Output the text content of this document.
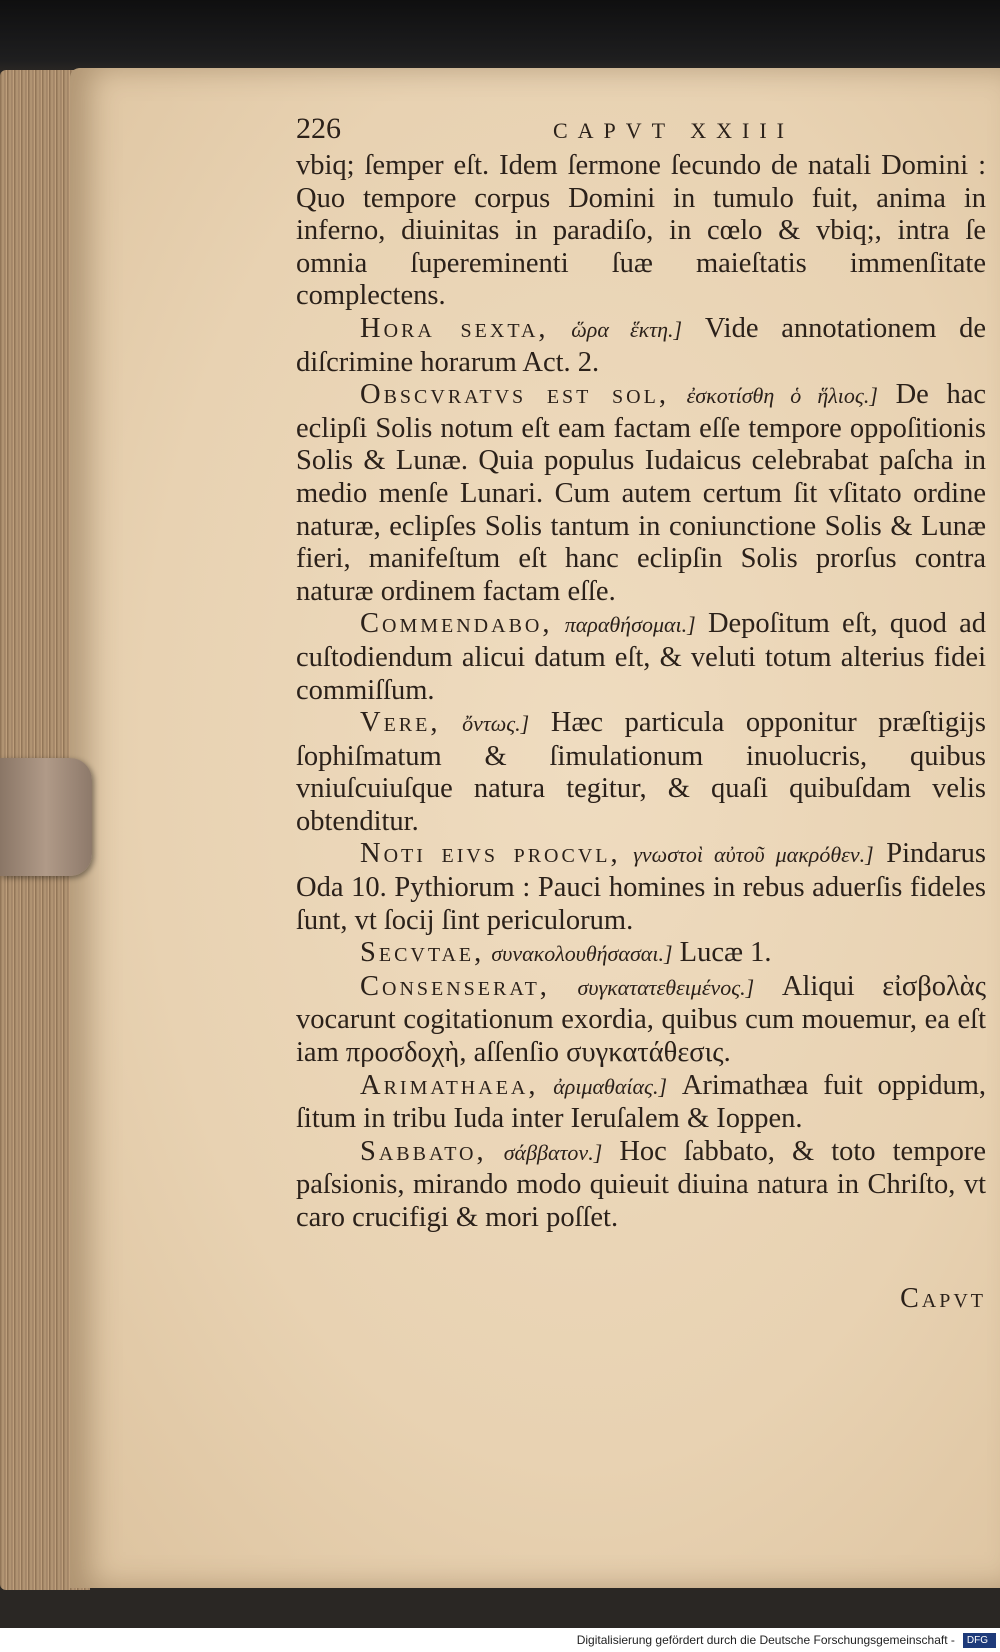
226	CAPVT XXIII

vbiq; ſemper eſt. Idem ſermone ſecundo de natali Domini : Quo tempore corpus Domini in tumulo fuit, anima in inferno, diuinitas in paradiſo, in cœlo & vbiq;, intra ſe omnia ſupereminenti ſuæ maieſtatis immenſitate complectens.

Hora sexta, ὥρα ἕκτη.] Vide annotationem de diſcrimine horarum Act. 2.

Obscvratvs est sol, ἐσκοτίσθη ὁ ἥλιος.] De hac eclipſi Solis notum eſt eam factam eſſe tempore oppoſitionis Solis & Lunæ. Quia populus Iudaicus celebrabat paſcha in medio menſe Lunari. Cum autem certum ſit vſitato ordine naturæ, eclipſes Solis tantum in coniunctione Solis & Lunæ fieri, manifeſtum eſt hanc eclipſin Solis prorſus contra naturæ ordinem factam eſſe.

Commendabo, παραθήσομαι.] Depoſitum eſt, quod ad cuſtodiendum alicui datum eſt, & veluti totum alterius fidei commiſſum.

Vere, ὄντως.] Hæc particula opponitur præſtigijs ſophiſmatum & ſimulationum inuolucris, quibus vniuſcuiuſque natura tegitur, & quaſi quibuſdam velis obtenditur.

Noti eivs procvl, γνωστοὶ αὐτοῦ μακρόθεν.] Pindarus Oda 10. Pythiorum : Pauci homines in rebus aduerſis fideles ſunt, vt ſocij ſint periculorum.

Secvtae, συνακολουθήσασαι.] Lucæ 1.

Consenserat, συγκατατεθειμένος.] Aliqui εἰσβολὰς vocarunt cogitationum exordia, quibus cum mouemur, ea eſt iam προσδοχὴ, aſſenſio συγκατάθεσις.

Arimathaea, ἀριμαθαίας.] Arimathæa fuit oppidum, ſitum in tribu Iuda inter Ieruſalem & Ioppen.

Sabbato, σάββατον.] Hoc ſabbato, & toto tempore paſsionis, mirando modo quieuit diuina natura in Chriſto, vt caro crucifigi & mori poſſet.

Capvt
Digitalisierung gefördert durch die Deutsche Forschungsgemeinschaft -	DFG
